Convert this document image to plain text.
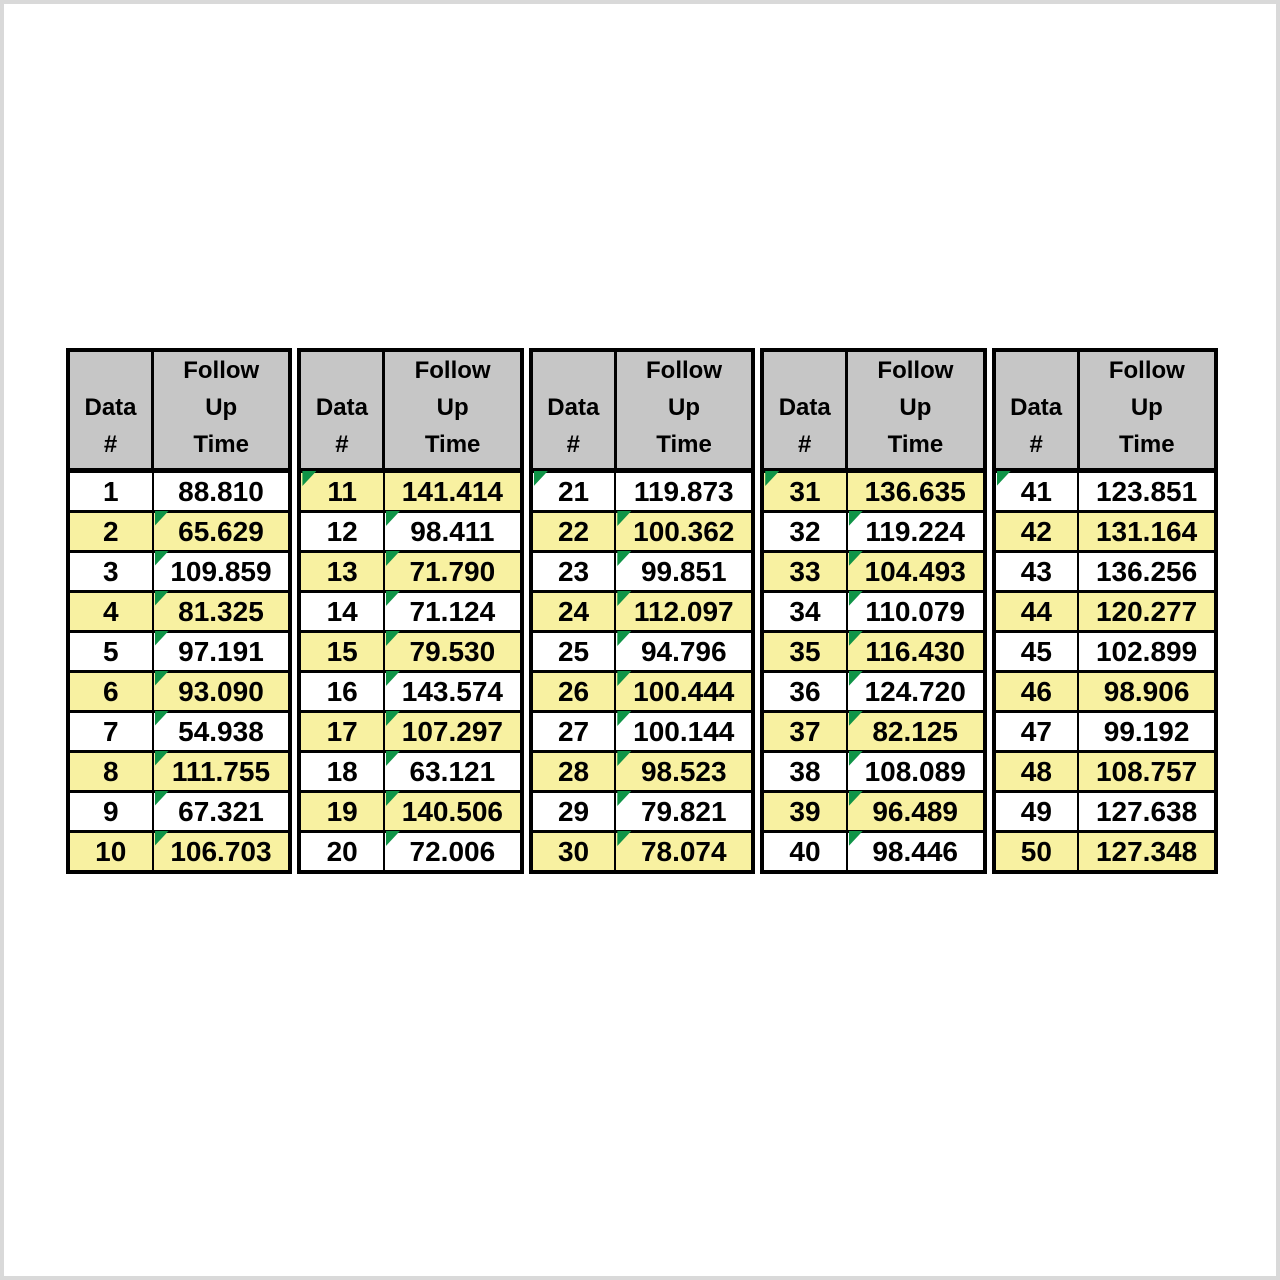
Data
#	Follow
Up
Time

1	88.810
2	65.629

3	109.859

4	81.325

5	97.191

6	93.090

7	54.938

8	111.755

9	67.321

10	106.703
Data
#	Follow
Up
Time

11	141.414
12	98.411

13	71.790

14	71.124

15	79.530

16	143.574

17	107.297

18	63.121

19	140.506

20	72.006
Data
#	Follow
Up
Time

21	119.873
22	100.362

23	99.851

24	112.097

25	94.796

26	100.444

27	100.144

28	98.523

29	79.821

30	78.074
Data
#	Follow
Up
Time

31	136.635
32	119.224

33	104.493

34	110.079

35	116.430

36	124.720

37	82.125

38	108.089

39	96.489

40	98.446
Data
#	Follow
Up
Time

41	123.851
42	131.164
43	136.256
44	120.277
45	102.899
46	98.906
47	99.192
48	108.757
49	127.638
50	127.348
